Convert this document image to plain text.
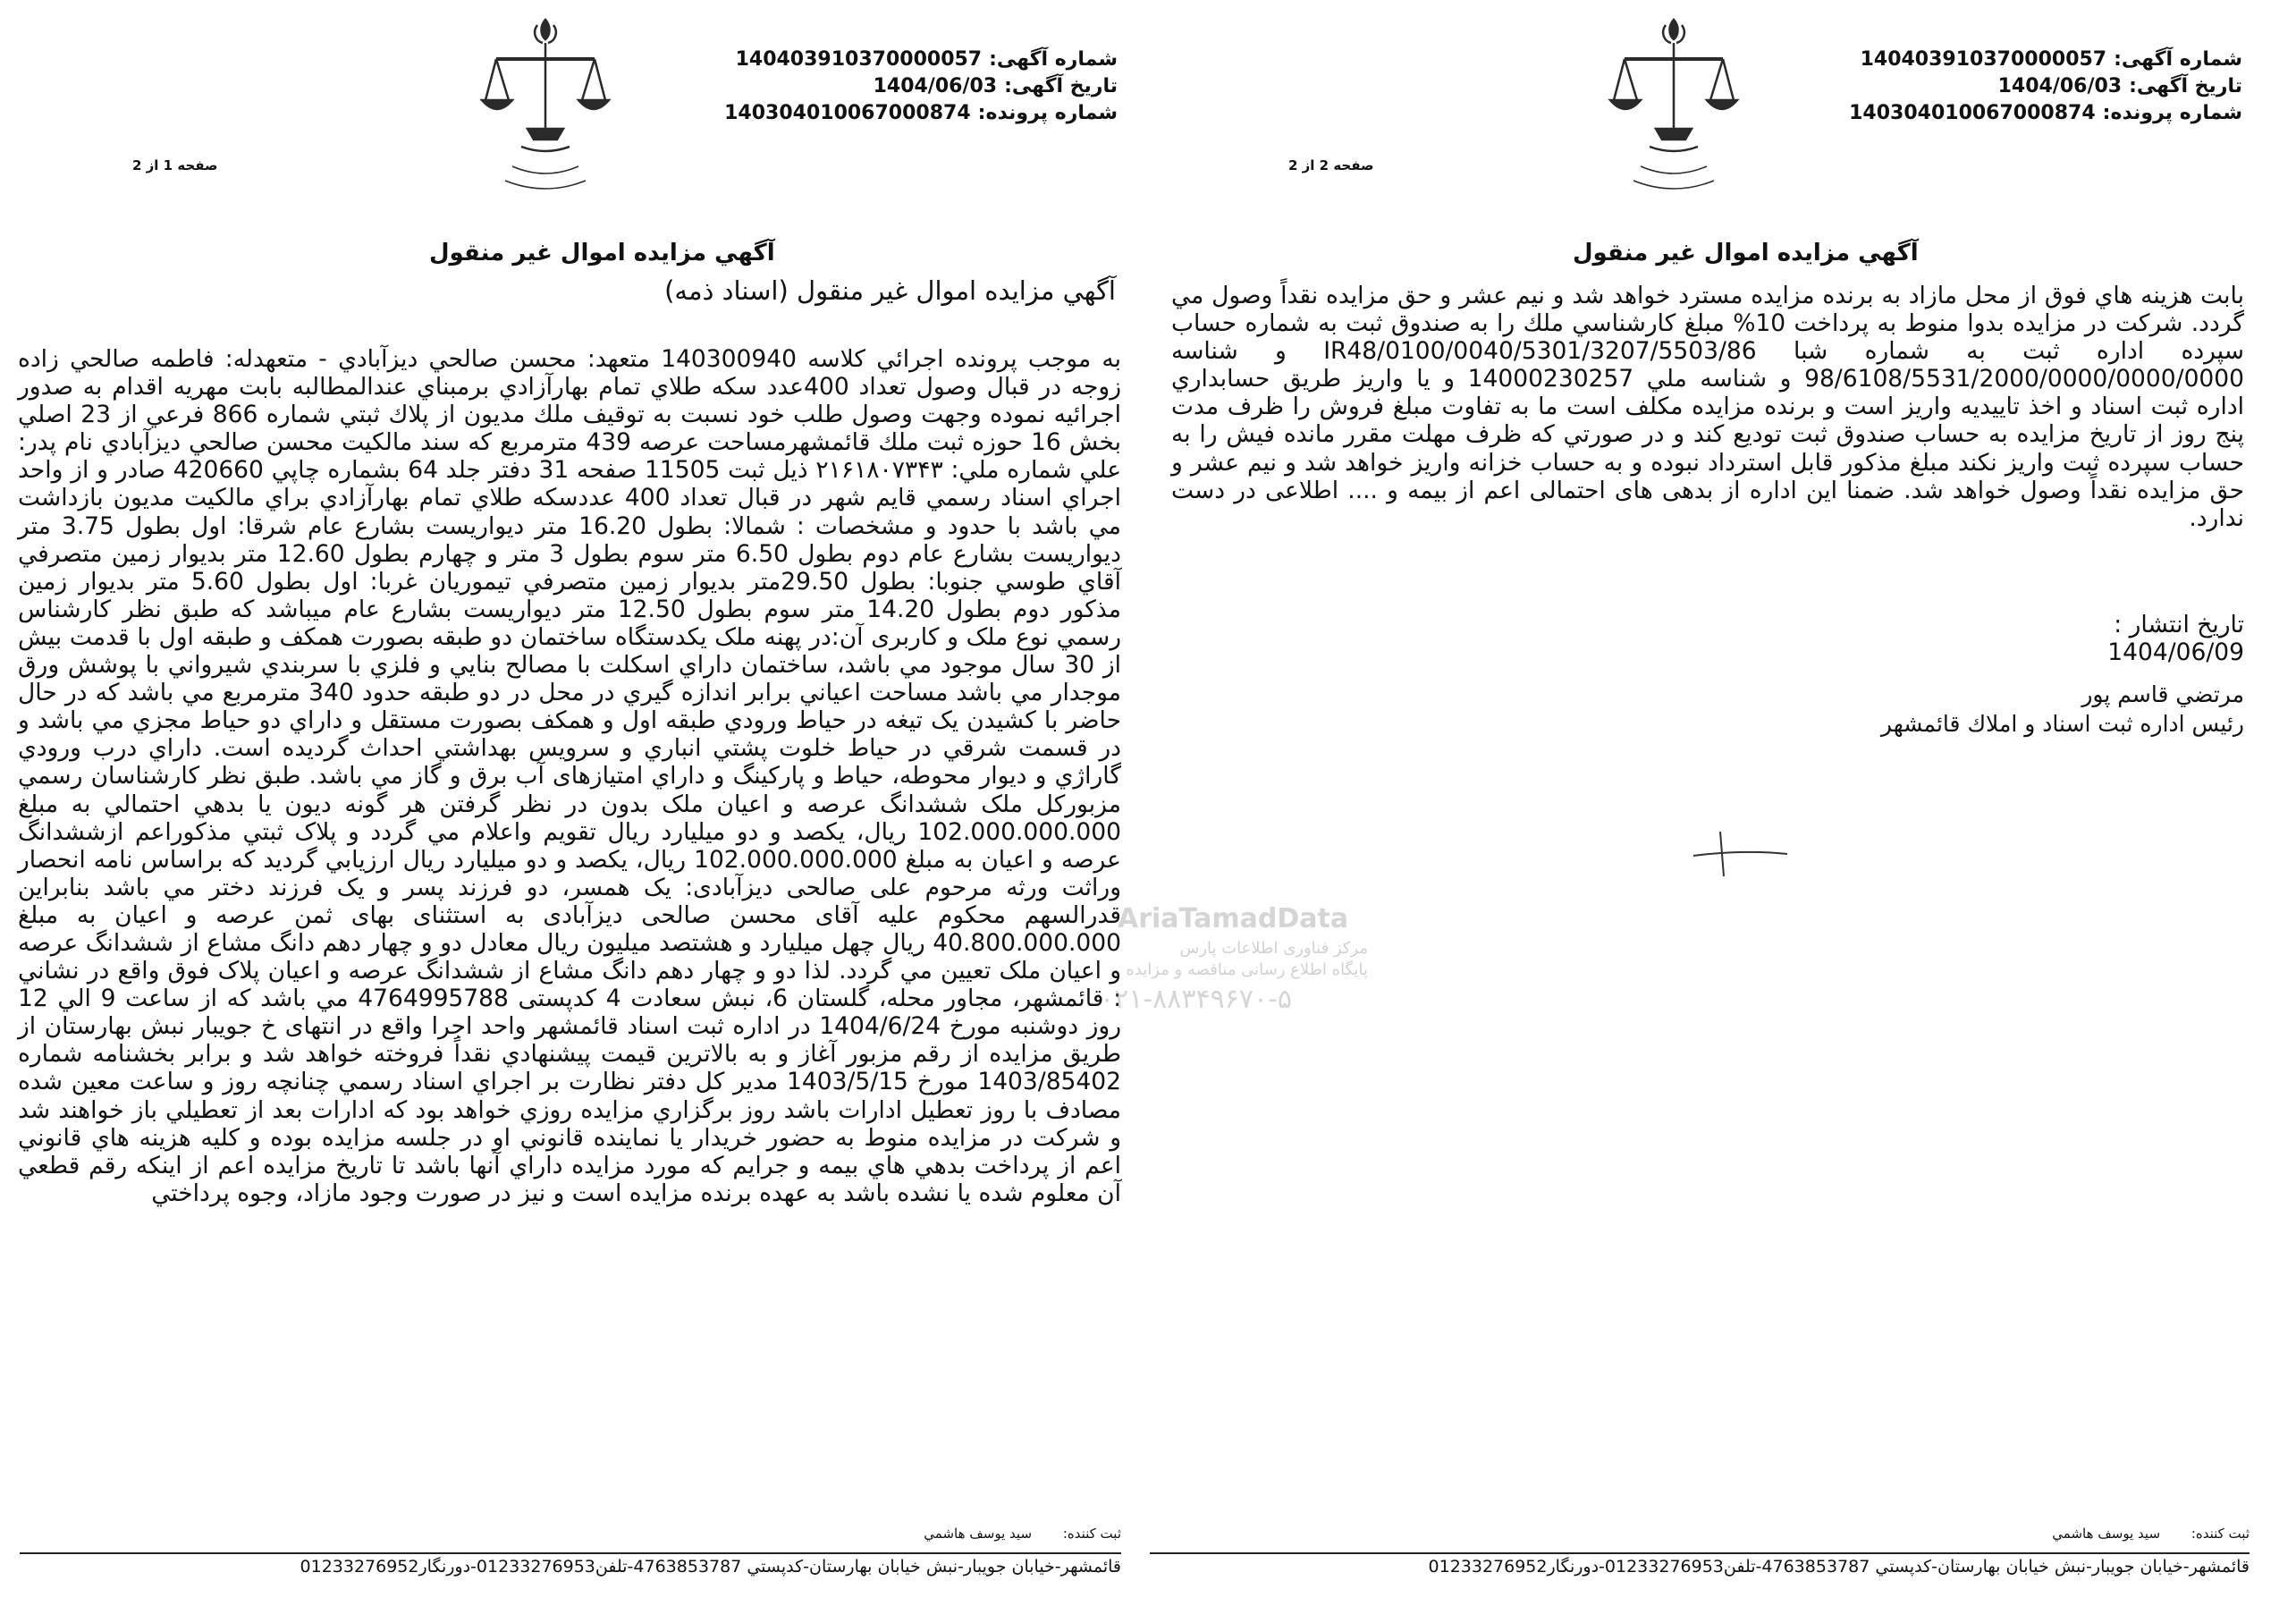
شماره آگهی:140403910370000057
تاریخ آگهی:1404/06/03
شماره پرونده:140304010067000874
صفحه 1 از 2
آگهي مزايده اموال غير منقول
آگهي مزايده اموال غير منقول (اسناد ذمه)
به موجب پرونده اجرائي كلاسه 140300940 متعهد: محسن صالحي ديزآبادي - متعهدله: فاطمه صالحي زاده زوجه در قبال وصول تعداد 400عدد سكه طلاي تمام بهارآزادي برمبناي عندالمطالبه بابت مهريه اقدام به صدور اجرائيه نموده وجهت وصول طلب خود نسبت به توقيف ملك مديون از پلاك ثبتي شماره 866 فرعي از 23 اصلي بخش 16 حوزه ثبت ملك قائمشهرمساحت عرصه 439 مترمربع كه سند مالكيت محسن صالحي ديزآبادي نام پدر: علي شماره ملي: ۲۱۶۱۸۰۷۳۴۳ ذيل ثبت 11505 صفحه 31 دفتر جلد 64 بشماره چاپي 420660 صادر و از واحد اجراي اسناد رسمي قايم شهر در قبال تعداد 400 عددسكه طلاي تمام بهارآزادي براي مالكيت مديون بازداشت مي باشد با حدود و مشخصات : شمالا: بطول 16.20 متر ديواريست بشارع عام شرقا: اول بطول 3.75 متر ديواريست بشارع عام دوم بطول 6.50 متر سوم بطول 3 متر و چهارم بطول 12.60 متر بديوار زمين متصرفي آقاي طوسي جنوبا: بطول 29.50متر بديوار زمين متصرفي تيموريان غربا: اول بطول 5.60 متر بديوار زمين مذكور دوم بطول 14.20 متر سوم بطول 12.50 متر ديواريست بشارع عام ميباشد كه طبق نظر كارشناس رسمي نوع ملک و کاربری آن:در پهنه ملک يكدستگاه ساختمان دو طبقه بصورت همكف و طبقه اول با قدمت بيش از 30 سال موجود مي باشد، ساختمان داراي اسكلت با مصالح بنايي و فلزي با سربندي شيرواني با پوشش ورق موجدار مي باشد مساحت اعياني برابر اندازه گيري در محل در دو طبقه حدود 340 مترمربع مي باشد كه در حال حاضر با كشيدن يک تيغه در حياط ورودي طبقه اول و همكف بصورت مستقل و داراي دو حياط مجزي مي باشد و در قسمت شرقي در حياط خلوت پشتي انباري و سرويس بهداشتي احداث گرديده است. داراي درب ورودي گاراژي و ديوار محوطه، حياط و پاركينگ و داراي امتيازهای آب برق و گاز مي باشد. طبق نظر كارشناسان رسمي مزبوركل ملک ششدانگ عرصه و اعيان ملک بدون در نظر گرفتن هر گونه ديون يا بدهي احتمالي به مبلغ 102.000.000.000 ريال، يكصد و دو ميليارد ريال تقويم واعلام مي گردد و پلاک ثبتي مذكوراعم ازششدانگ عرصه و اعيان به مبلغ 102.000.000.000 ريال، يكصد و دو ميليارد ريال ارزيابي گرديد كه براساس نامه انحصار وراثت ورثه مرحوم علی صالحی ديزآبادی: يک همسر، دو فرزند پسر و يک فرزند دختر مي باشد بنابراين قدرالسهم محكوم عليه آقای محسن صالحی ديزآبادی به استثنای بهای ثمن عرصه و اعيان به مبلغ 40.800.000.000 ريال چهل ميليارد و هشتصد ميليون ريال معادل دو و چهار دهم دانگ مشاع از ششدانگ عرصه و اعيان ملک تعيين مي گردد. لذا دو و چهار دهم دانگ مشاع از ششدانگ عرصه و اعيان پلاک فوق واقع در نشاني : قائمشهر، مجاور محله، گلستان 6، نبش سعادت 4 كدپستی 4764995788 مي باشد كه از ساعت 9 الي 12 روز دوشنبه مورخ 1404/6/24 در اداره ثبت اسناد قائمشهر واحد اجرا واقع در انتهای خ جويبار نبش بهارستان از طريق مزايده از رقم مزبور آغاز و به بالاترين قيمت پيشنهادي نقداً فروخته خواهد شد و برابر بخشنامه شماره 1403/85402 مورخ 1403/5/15 مدير كل دفتر نظارت بر اجراي اسناد رسمي چنانچه روز و ساعت معين شده مصادف با روز تعطيل ادارات باشد روز برگزاري مزايده روزي خواهد بود كه ادارات بعد از تعطيلي باز خواهند شد و شركت در مزايده منوط به حضور خريدار يا نماينده قانوني او در جلسه مزايده بوده و كليه هزينه هاي قانوني اعم از پرداخت بدهي هاي بيمه و جرايم كه مورد مزايده داراي آنها باشد تا تاريخ مزايده اعم از اينكه رقم قطعي آن معلوم شده يا نشده باشد به عهده برنده مزايده است و نيز در صورت وجود مازاد، وجوه پرداختي
ثبت كننده: سيد يوسف هاشمي
قائمشهر-خيابان جويبار-نبش خيابان بهارستان-كدپستي 4763853787-تلفن01233276953-دورنگار01233276952
شماره آگهی:140403910370000057
تاریخ آگهی:1404/06/03
شماره پرونده:140304010067000874
صفحه 2 از 2
آگهي مزايده اموال غير منقول
بابت هزينه هاي فوق از محل مازاد به برنده مزايده مسترد خواهد شد و نيم عشر و حق مزايده نقداً وصول مي گردد. شركت در مزايده بدوا منوط به پرداخت 10% مبلغ كارشناسي ملك را به صندوق ثبت به شماره حساب سپرده اداره ثبت به شماره شبا IR48/0100/0040/5301/3207/5503/86 و شناسه 98/6108/5531/2000/0000/0000/0000 و شناسه ملي 14000230257 و يا واريز طريق حسابداري اداره ثبت اسناد و اخذ تاييديه واريز است و برنده مزايده مكلف است ما به تفاوت مبلغ فروش را ظرف مدت پنج روز از تاريخ مزايده به حساب صندوق ثبت توديع كند و در صورتي كه ظرف مهلت مقرر مانده فيش را به حساب سپرده ثبت واريز نكند مبلغ مذكور قابل استرداد نبوده و به حساب خزانه واريز خواهد شد و نيم عشر و حق مزايده نقداً وصول خواهد شد. ضمنا اين اداره از بدهی های احتمالی اعم از بيمه و .... اطلاعی در دست ندارد.
تاريخ انتشار :
1404/06/09
مرتضي قاسم پور
رئيس اداره ثبت اسناد و املاك قائمشهر
ثبت كننده: سيد يوسف هاشمي
قائمشهر-خيابان جويبار-نبش خيابان بهارستان-كدپستي 4763853787-تلفن01233276953-دورنگار01233276952
AriaTamadData
مرکز فناوری اطلاعات پارس
پایگاه اطلاع رسانی مناقصه و مزایده
۰۲۱-۸۸۳۴۹۶۷۰-۵
